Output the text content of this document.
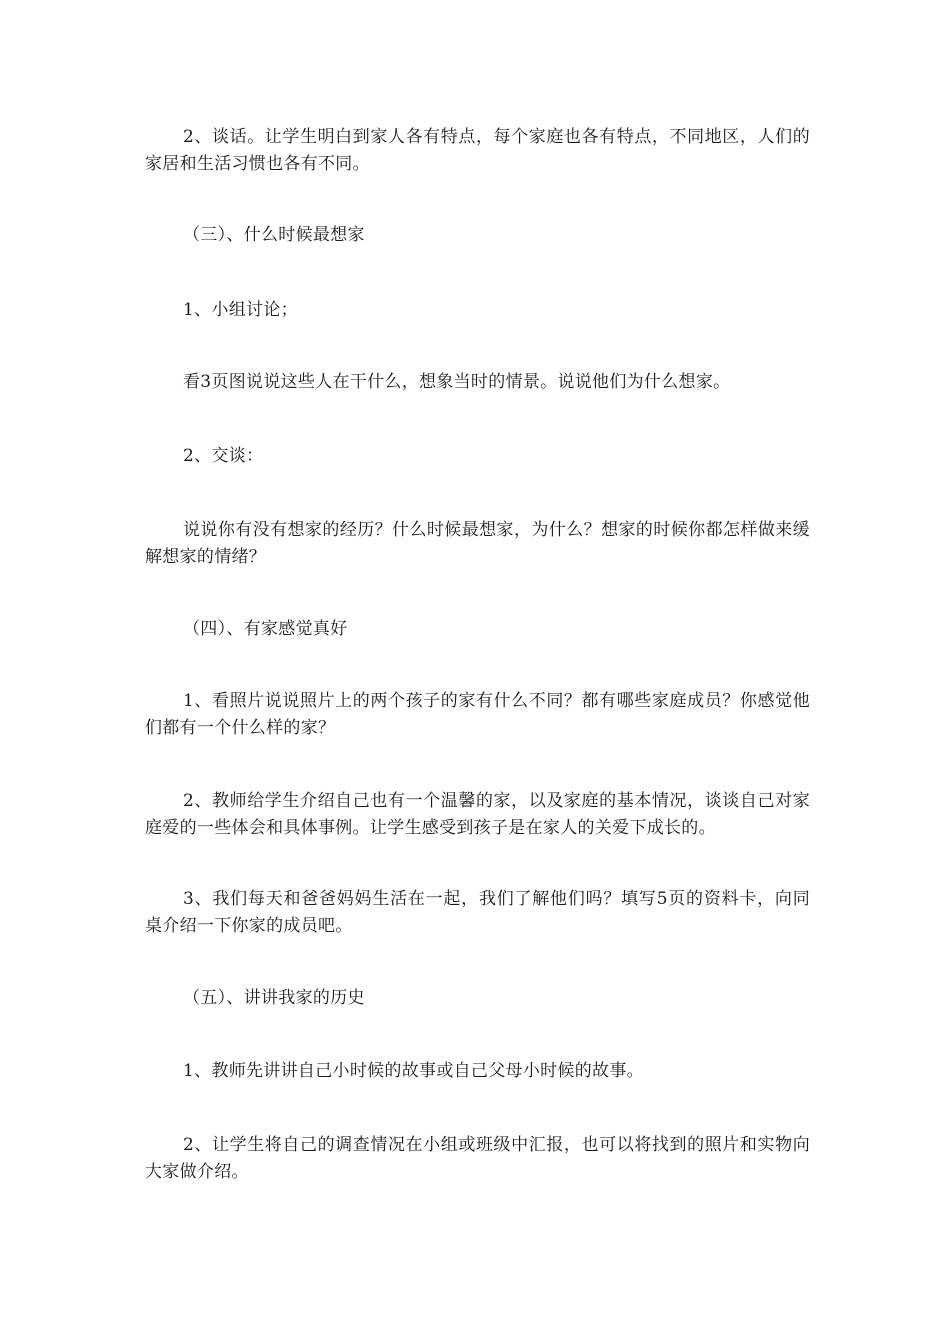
2、谈话。让学生明白到家人各有特点，每个家庭也各有特点，不同地区，人们的家居和生活习惯也各有不同。

（三）、什么时候最想家

1、小组讨论；

看3页图说说这些人在干什么，想象当时的情景。说说他们为什么想家。

2、交谈：

说说你有没有想家的经历？什么时候最想家，为什么？想家的时候你都怎样做来缓解想家的情绪？

（四）、有家感觉真好

1、看照片说说照片上的两个孩子的家有什么不同？都有哪些家庭成员？你感觉他们都有一个什么样的家？

2、教师给学生介绍自己也有一个温馨的家，以及家庭的基本情况，谈谈自己对家庭爱的一些体会和具体事例。让学生感受到孩子是在家人的关爱下成长的。

3、我们每天和爸爸妈妈生活在一起，我们了解他们吗？填写5页的资料卡，向同桌介绍一下你家的成员吧。

（五）、讲讲我家的历史

1、教师先讲讲自己小时候的故事或自己父母小时候的故事。

2、让学生将自己的调查情况在小组或班级中汇报，也可以将找到的照片和实物向大家做介绍。
